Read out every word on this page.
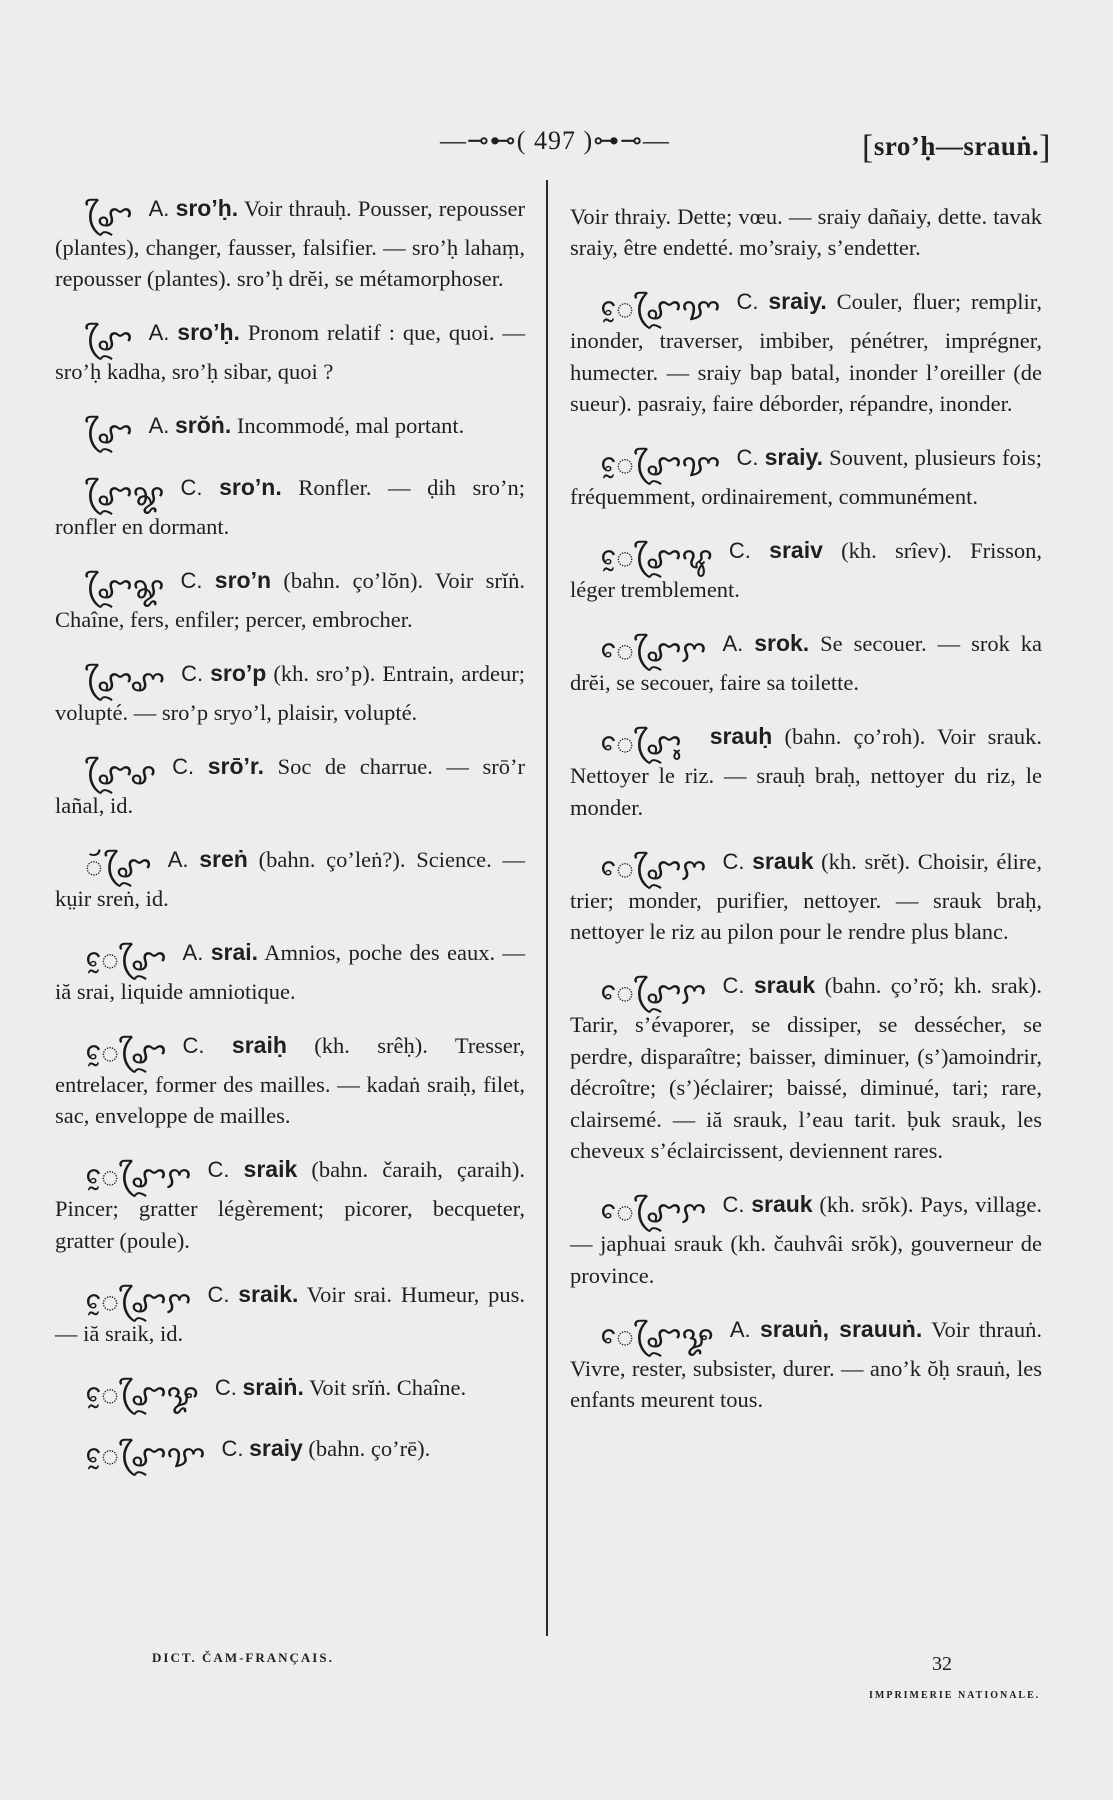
—⊸⊷( 497 )⊶⊸—	[sro’ḥ—srauṅ.]

ꨧꨴ A. sro’ḥ. Voir thrauḥ. Pousser, repousser (plantes), changer, fausser, falsifier. — sro’ḥ lahaṃ, repousser (plantes). sro’ḥ drĕi, se métamorphoser.

ꨧꨴ A. sro’ḥ. Pronom relatif : que, quoi. — sro’ḥ kadha, sro’ḥ sibar, quoi ?

ꨧꨴ A. srŏṅ. Incommodé, mal portant.

ꨧꨴꨘ C. sro’n. Ronfler. — ḍih sro’n; ronfler en dormant.

ꨧꨴꨘ C. sro’n (bahn. ço’lŏn). Voir srĭṅ. Chaîne, fers, enfiler; percer, embrocher.

ꨧꨴꨚ C. sro’p (kh. sro’p). Entrain, ardeur; volupté. — sro’p sryo’l, plaisir, volupté.

ꨧꨴꨣ C. srō’r. Soc de charrue. — srō’r lañal, id.

ꨮꨧꨴ A. sreṅ (bahn. ço’leṅ?). Science. — kṳir sreṅ, id.

ꨰꨧꨴ A. srai. Amnios, poche des eaux. — iă srai, liquide amniotique.

ꨰꨧꨴ C. sraiḥ (kh. srêḥ). Tresser, entrelacer, former des mailles. — kadaṅ sraiḥ, filet, sac, enveloppe de mailles.

ꨰꨧꨴꨆ C. sraik (bahn. čaraih, çaraih). Pincer; gratter légèrement; picorer, becqueter, gratter (poule).

ꨰꨧꨴꨆ C. sraik. Voir srai. Humeur, pus. — iă sraik, id.

ꨰꨧꨴꨋ C. sraiṅ. Voit srĭṅ. Chaîne.

ꨰꨧꨴꨢ C. sraiy (bahn. ço’rē).

Voir thraiy. Dette; vœu. — sraiy dañaiy, dette. tavak sraiy, être endetté. mo’sraiy, s’endetter.

ꨰꨧꨴꨢ C. sraiy. Couler, fluer; remplir, inonder, traverser, imbiber, pénétrer, imprégner, humecter. — sraiy bap batal, inonder l’oreiller (de sueur). pasraiy, faire déborder, répandre, inonder.

ꨰꨧꨴꨢ C. sraiy. Souvent, plusieurs fois; fréquemment, ordinairement, communément.

ꨰꨧꨴꨥ C. sraiv (kh. srîev). Frisson, léger tremblement.

ꨯꨧꨴꨆ A. srok. Se secouer. — srok ka drĕi, se secouer, faire sa toilette.

ꨯꨧꨴꨶ srauḥ (bahn. ço’roh). Voir srauk. Nettoyer le riz. — srauḥ braḥ, nettoyer du riz, le monder.

ꨯꨧꨴꨆ C. srauk (kh. srĕt). Choisir, élire, trier; monder, purifier, nettoyer. — srauk braḥ, nettoyer le riz au pilon pour le rendre plus blanc.

ꨯꨧꨴꨆ C. srauk (bahn. ço’rŏ; kh. srak). Tarir, s’évaporer, se dissiper, se dessécher, se perdre, disparaître; baisser, diminuer, (s’)amoindrir, décroître; (s’)éclairer; baissé, diminué, tari; rare, clairsemé. — iă srauk, l’eau tarit. ḅuk srauk, les cheveux s’éclaircissent, deviennent rares.

ꨯꨧꨴꨆ C. srauk (kh. srŏk). Pays, village. — japhuai srauk (kh. čauhvâi srŏk), gouverneur de province.

ꨯꨧꨴꨋ A. srauṅ, srauuṅ. Voir thrauṅ. Vivre, rester, subsister, durer. — ano’k ŏḥ srauṅ, les enfants meurent tous.

DICT. ČAM-FRANÇAIS.	32
IMPRIMERIE NATIONALE.
